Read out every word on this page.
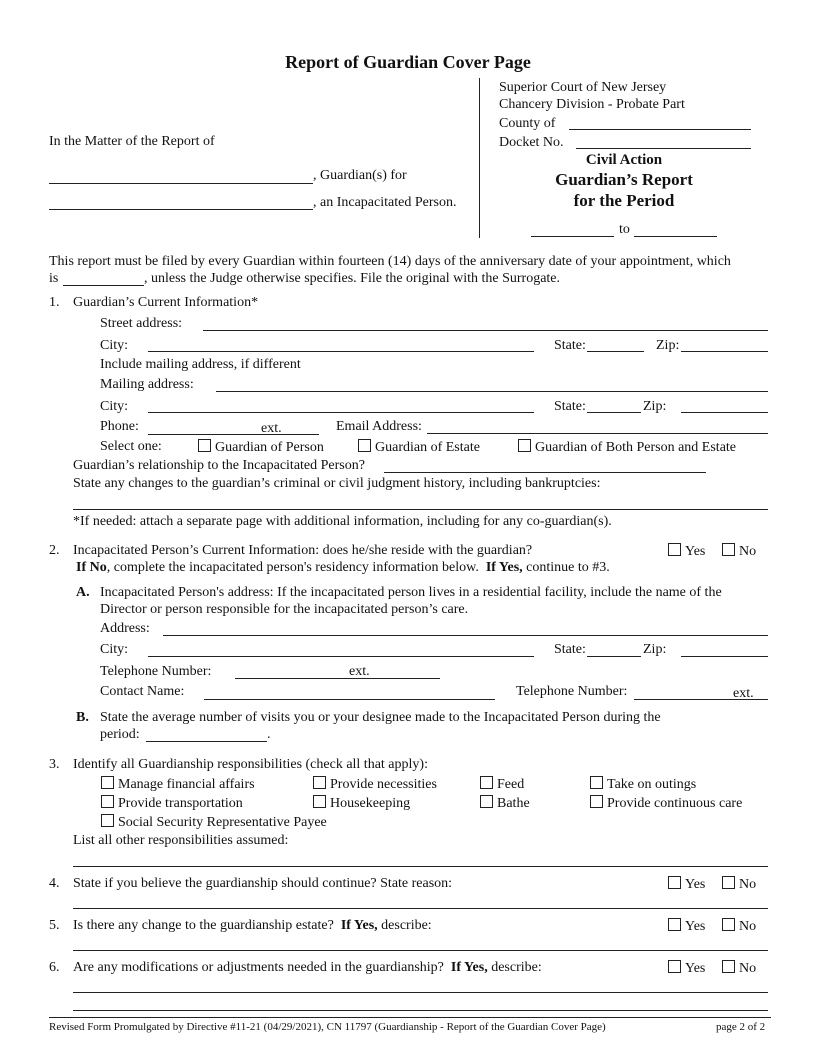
Report of Guardian Cover Page
Superior Court of New Jersey
Chancery Division - Probate Part
County of
Docket No.
Civil Action
Guardian’s Report
for the Period
to
In the Matter of the Report of
, Guardian(s) for
, an Incapacitated Person.
This report must be filed by every Guardian within fourteen (14) days of the anniversary date of your appointment, which
is	, unless the Judge otherwise specifies. File the original with the Surrogate.
1. Guardian’s Current Information*
Street address:
City:	State:	Zip:
Include mailing address, if different
Mailing address:
City:	State:	Zip:
Phone:	ext.	Email Address:
Select one:	Guardian of Person	Guardian of Estate	Guardian of Both Person and Estate
Guardian’s relationship to the Incapacitated Person?
State any changes to the guardian’s criminal or civil judgment history, including bankruptcies:
*If needed: attach a separate page with additional information, including for any co-guardian(s).
2. Incapacitated Person’s Current Information: does he/she reside with the guardian?	Yes	No
If No, complete the incapacitated person's residency information below. If Yes, continue to #3.
A. Incapacitated Person's address: If the incapacitated person lives in a residential facility, include the name of the
Director or person responsible for the incapacitated person’s care.
Address:
City:	State:	Zip:
Telephone Number:	ext.
Contact Name:	Telephone Number:	ext.
B. State the average number of visits you or your designee made to the Incapacitated Person during the
period:	.
3. Identify all Guardianship responsibilities (check all that apply):
Manage financial affairs	Provide necessities	Feed	Take on outings
Provide transportation	Housekeeping	Bathe	Provide continuous care
Social Security Representative Payee
List all other responsibilities assumed:
4. State if you believe the guardianship should continue? State reason:	Yes	No
5. Is there any change to the guardianship estate? If Yes, describe:	Yes	No
6. Are any modifications or adjustments needed in the guardianship? If Yes, describe:	Yes	No
Revised Form Promulgated by Directive #11-21 (04/29/2021), CN 11797 (Guardianship - Report of the Guardian Cover Page)	page 2 of 2
